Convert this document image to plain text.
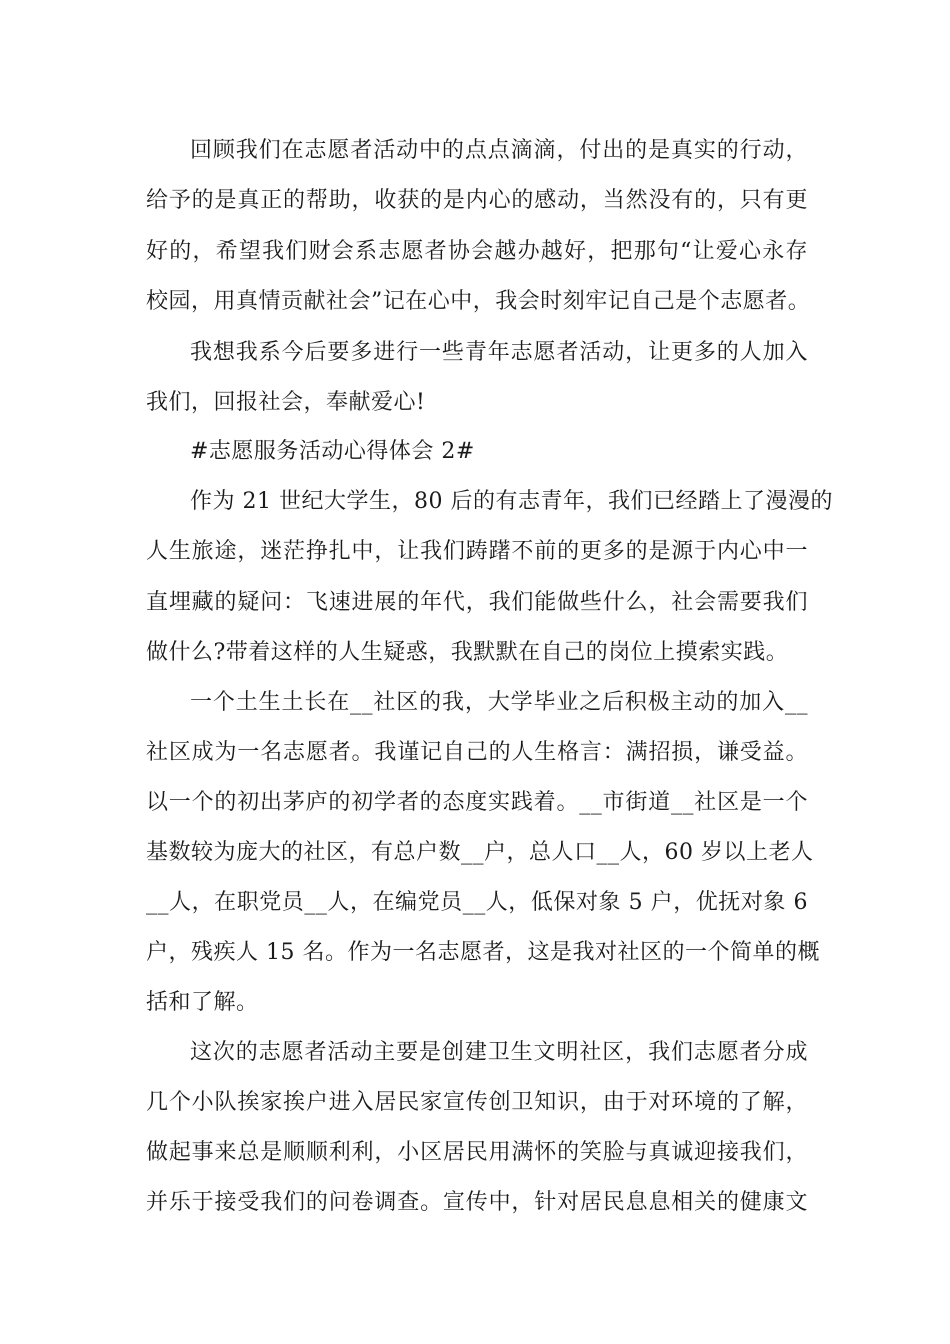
回顾我们在志愿者活动中的点点滴滴，付出的是真实的行动，

给予的是真正的帮助，收获的是内心的感动，当然没有的，只有更

好的，希望我们财会系志愿者协会越办越好，把那句“让爱心永存

校园，用真情贡献社会”记在心中，我会时刻牢记自己是个志愿者。

我想我系今后要多进行一些青年志愿者活动，让更多的人加入

我们，回报社会，奉献爱心!

#志愿服务活动心得体会 2#

作为 21 世纪大学生，80 后的有志青年，我们已经踏上了漫漫的

人生旅途，迷茫挣扎中，让我们踌躇不前的更多的是源于内心中一

直埋藏的疑问：飞速进展的年代，我们能做些什么，社会需要我们

做什么?带着这样的人生疑惑，我默默在自己的岗位上摸索实践。

一个土生土长在__社区的我，大学毕业之后积极主动的加入__

社区成为一名志愿者。我谨记自己的人生格言：满招损，谦受益。

以一个的初出茅庐的初学者的态度实践着。__市街道__社区是一个

基数较为庞大的社区，有总户数__户，总人口__人，60 岁以上老人

__人，在职党员__人，在编党员__人，低保对象 5 户，优抚对象 6

户，残疾人 15 名。作为一名志愿者，这是我对社区的一个简单的概

括和了解。

这次的志愿者活动主要是创建卫生文明社区，我们志愿者分成

几个小队挨家挨户进入居民家宣传创卫知识，由于对环境的了解，

做起事来总是顺顺利利，小区居民用满怀的笑脸与真诚迎接我们，

并乐于接受我们的问卷调查。宣传中，针对居民息息相关的健康文
